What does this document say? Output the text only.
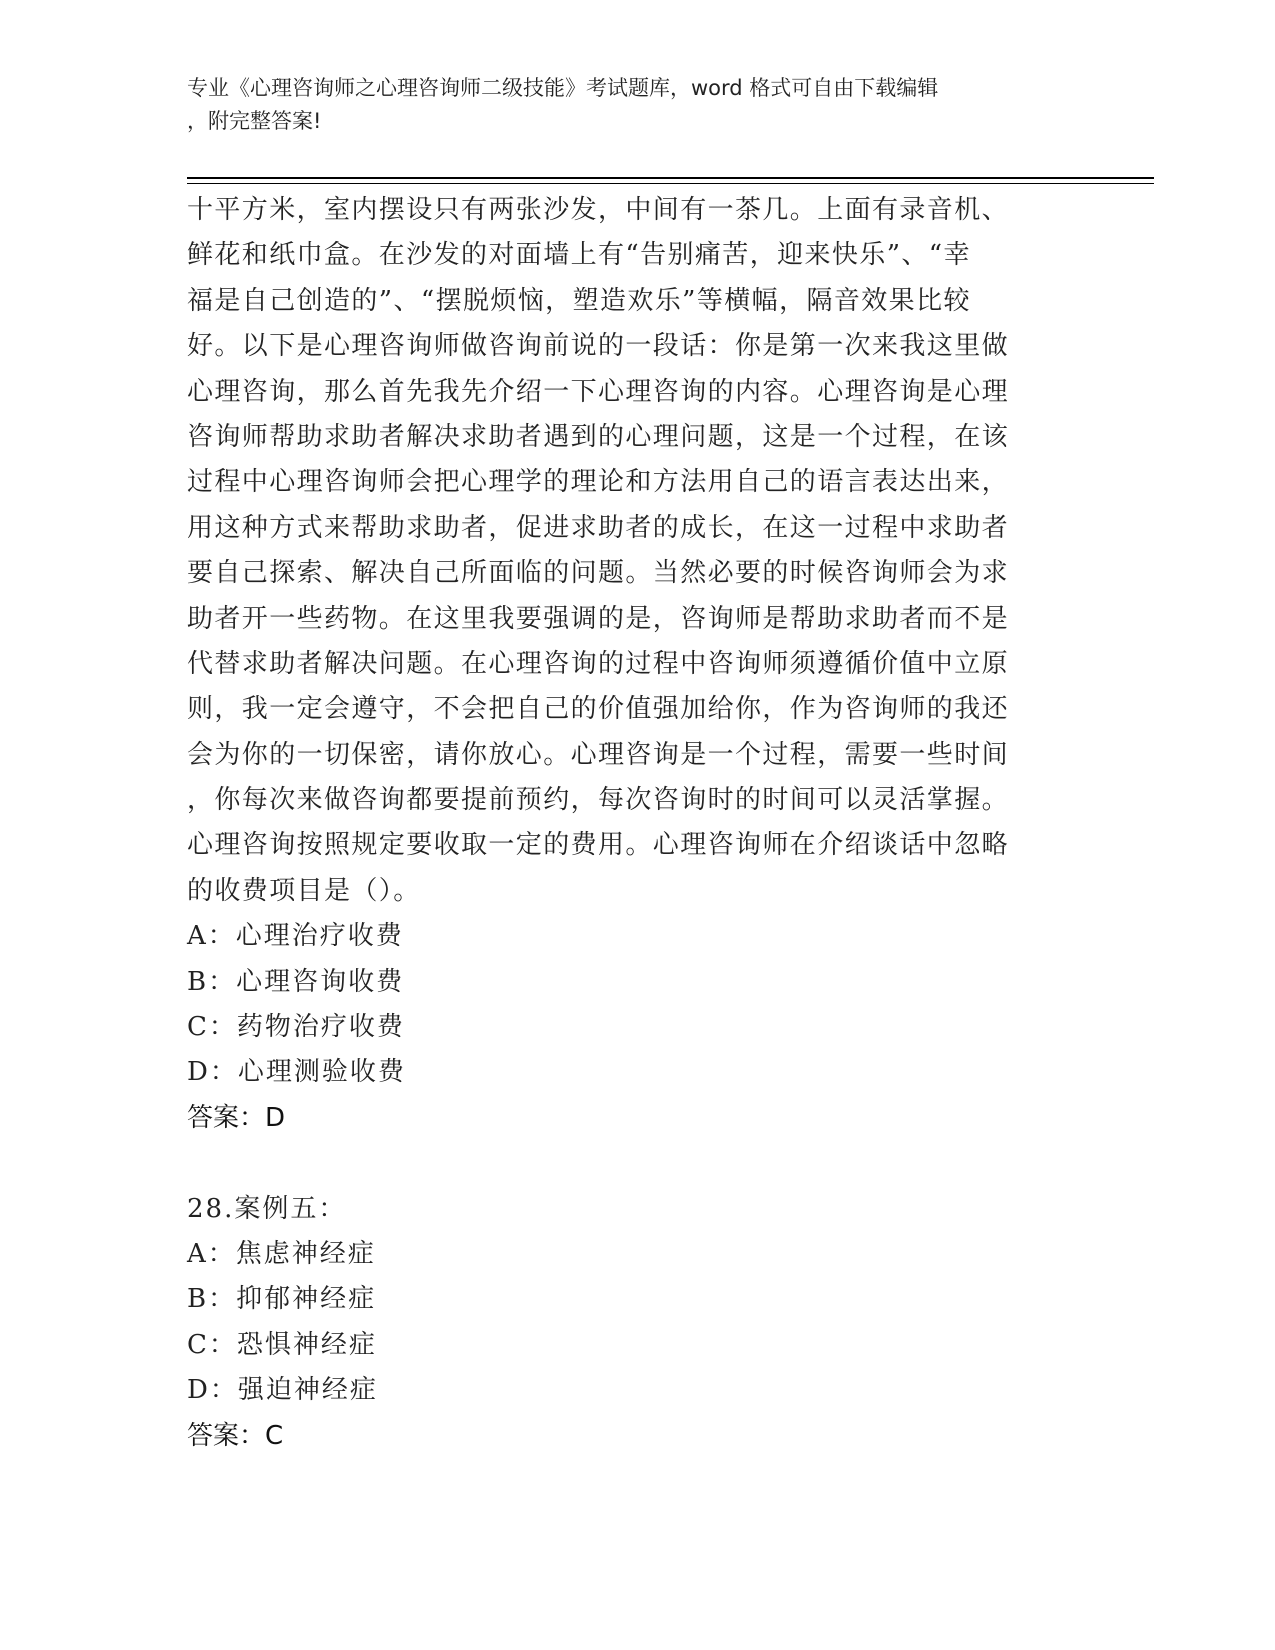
专业《心理咨询师之心理咨询师二级技能》考试题库，word 格式可自由下载编辑
，附完整答案!
十平方米，室内摆设只有两张沙发，中间有一茶几。上面有录音机、
鲜花和纸巾盒。在沙发的对面墙上有“告别痛苦，迎来快乐”、“幸
福是自己创造的”、“摆脱烦恼，塑造欢乐”等横幅，隔音效果比较
好。以下是心理咨询师做咨询前说的一段话：你是第一次来我这里做
心理咨询，那么首先我先介绍一下心理咨询的内容。心理咨询是心理
咨询师帮助求助者解决求助者遇到的心理问题，这是一个过程，在该
过程中心理咨询师会把心理学的理论和方法用自己的语言表达出来，
用这种方式来帮助求助者，促进求助者的成长，在这一过程中求助者
要自己探索、解决自己所面临的问题。当然必要的时候咨询师会为求
助者开一些药物。在这里我要强调的是，咨询师是帮助求助者而不是
代替求助者解决问题。在心理咨询的过程中咨询师须遵循价值中立原
则，我一定会遵守，不会把自己的价值强加给你，作为咨询师的我还
会为你的一切保密，请你放心。心理咨询是一个过程，需要一些时间
，你每次来做咨询都要提前预约，每次咨询时的时间可以灵活掌握。
心理咨询按照规定要收取一定的费用。心理咨询师在介绍谈话中忽略
的收费项目是（）。
A：心理治疗收费
B：心理咨询收费
C：药物治疗收费
D：心理测验收费
答案：D
28.案例五：
A：焦虑神经症
B：抑郁神经症
C：恐惧神经症
D：强迫神经症
答案：C
